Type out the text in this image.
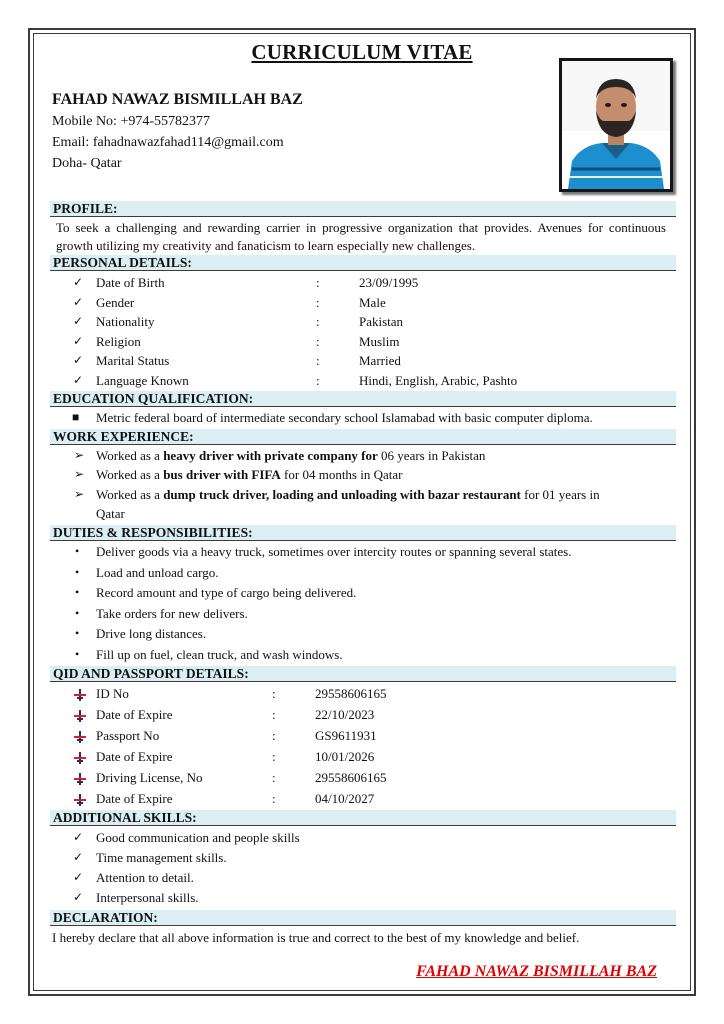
CURRICULUM VITAE
FAHAD NAWAZ BISMILLAH BAZ
Mobile No: +974-55782377
Email: fahadnawazfahad114@gmail.com
Doha- Qatar
PROFILE:
To seek a challenging and rewarding carrier in progressive organization that provides. Avenues for continuous growth utilizing my creativity and fanaticism to learn especially new challenges.
PERSONAL DETAILS:
✓ Date of Birth	:	23/09/1995
✓ Gender	:	Male
✓ Nationality	:	Pakistan
✓ Religion	:	Muslim
✓ Marital Status	:	Married
✓ Language Known	:	Hindi, English, Arabic, Pashto
EDUCATION QUALIFICATION:
■ Metric federal board of intermediate secondary school Islamabad with basic computer diploma.
WORK EXPERIENCE:
➢ Worked as a heavy driver with private company for 06 years in Pakistan
➢ Worked as a bus driver with FIFA for 04 months in Qatar
➢ Worked as a dump truck driver, loading and unloading with bazar restaurant for 01 years in
Qatar
DUTIES & RESPONSIBILITIES:
• Deliver goods via a heavy truck, sometimes over intercity routes or spanning several states.
• Load and unload cargo.
• Record amount and type of cargo being delivered.
• Take orders for new delivers.
• Drive long distances.
• Fill up on fuel, clean truck, and wash windows.
QID AND PASSPORT DETAILS:
ID No	:	29558606165
Date of Expire	:	22/10/2023
Passport No	:	GS9611931
Date of Expire	:	10/01/2026
Driving License, No	:	29558606165
Date of Expire	:	04/10/2027
ADDITIONAL SKILLS:
✓ Good communication and people skills
✓ Time management skills.
✓ Attention to detail.
✓ Interpersonal skills.
DECLARATION:
I hereby declare that all above information is true and correct to the best of my knowledge and belief.
FAHAD NAWAZ BISMILLAH BAZ
